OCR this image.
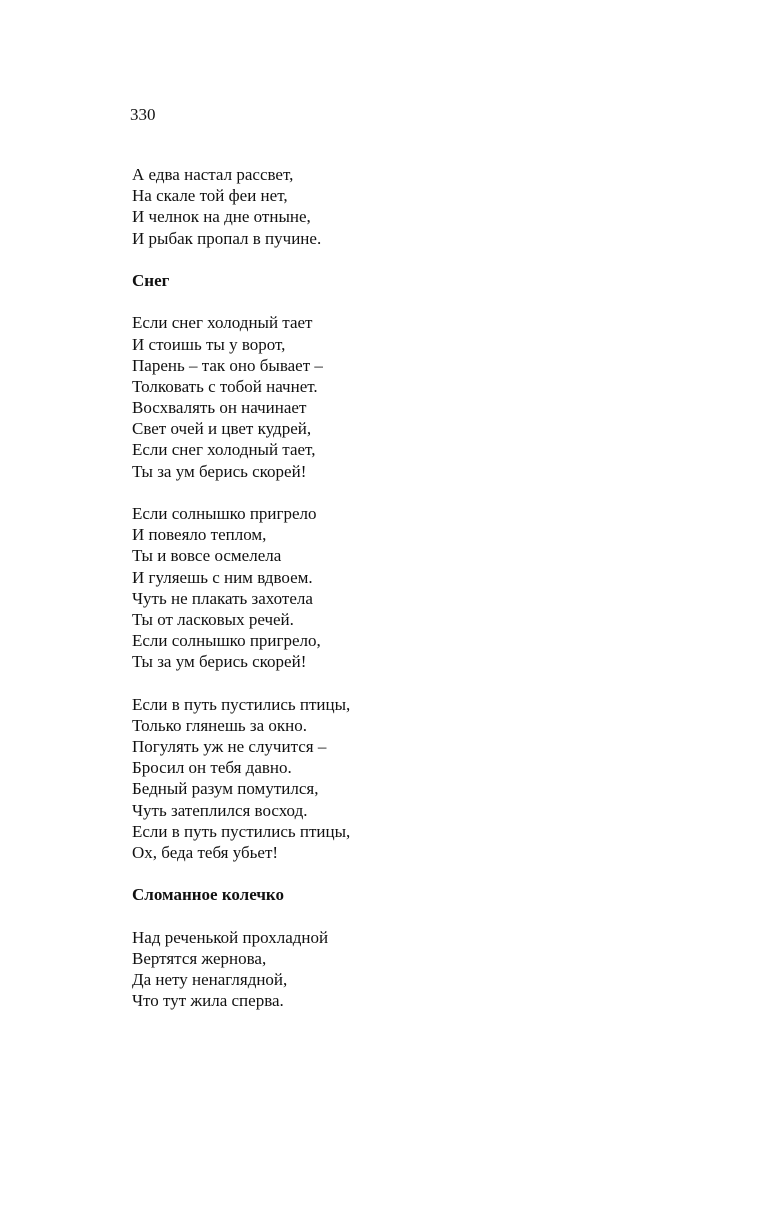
330
А едва настал рассвет,
На скале той феи нет,
И челнок на дне отныне,
И рыбак пропал в пучине.
Снег
Если снег холодный тает
И стоишь ты у ворот,
Парень – так оно бывает –
Толковать с тобой начнет.
Восхвалять он начинает
Свет очей и цвет кудрей,
Если снег холодный тает,
Ты за ум берись скорей!
Если солнышко пригрело
И повеяло теплом,
Ты и вовсе осмелела
И гуляешь с ним вдвоем.
Чуть не плакать захотела
Ты от ласковых речей.
Если солнышко пригрело,
Ты за ум берись скорей!
Если в путь пустились птицы,
Только глянешь за окно.
Погулять уж не случится –
Бросил он тебя давно.
Бедный разум помутился,
Чуть затеплился восход.
Если в путь пустились птицы,
Ох, беда тебя убьет!
Сломанное колечко
Над реченькой прохладной
Вертятся жернова,
Да нету ненаглядной,
Что тут жила сперва.
